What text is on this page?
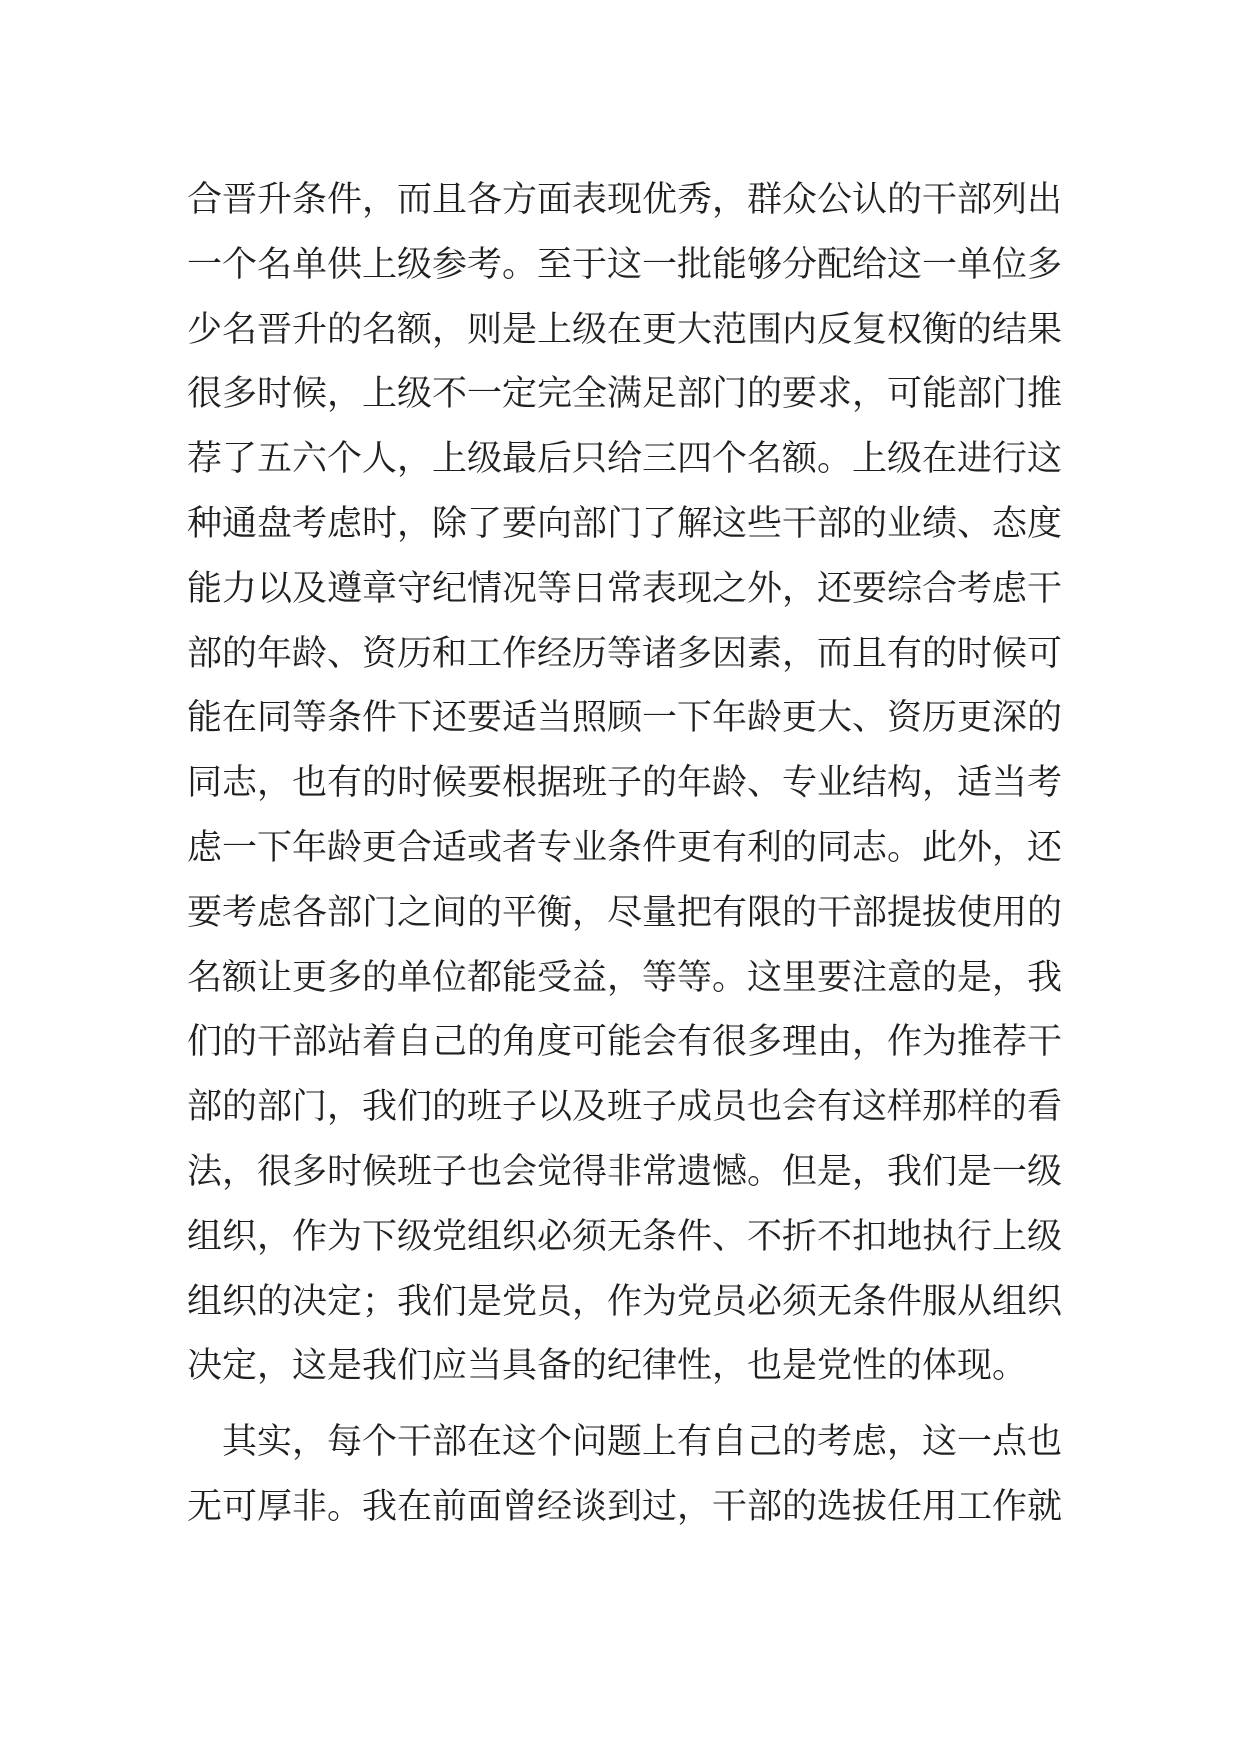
合晋升条件，而且各方面表现优秀，群众公认的干部列出
一个名单供上级参考。至于这一批能够分配给这一单位多
少名晋升的名额，则是上级在更大范围内反复权衡的结果
很多时候，上级不一定完全满足部门的要求，可能部门推
荐了五六个人，上级最后只给三四个名额。上级在进行这
种通盘考虑时，除了要向部门了解这些干部的业绩、态度
能力以及遵章守纪情况等日常表现之外，还要综合考虑干
部的年龄、资历和工作经历等诸多因素，而且有的时候可
能在同等条件下还要适当照顾一下年龄更大、资历更深的
同志，也有的时候要根据班子的年龄、专业结构，适当考
虑一下年龄更合适或者专业条件更有利的同志。此外，还
要考虑各部门之间的平衡，尽量把有限的干部提拔使用的
名额让更多的单位都能受益，等等。这里要注意的是，我
们的干部站着自己的角度可能会有很多理由，作为推荐干
部的部门，我们的班子以及班子成员也会有这样那样的看
法，很多时候班子也会觉得非常遗憾。但是，我们是一级
组织，作为下级党组织必须无条件、不折不扣地执行上级
组织的决定；我们是党员，作为党员必须无条件服从组织
决定，这是我们应当具备的纪律性，也是党性的体现。
　其实，每个干部在这个问题上有自己的考虑，这一点也
无可厚非。我在前面曾经谈到过，干部的选拔任用工作就
